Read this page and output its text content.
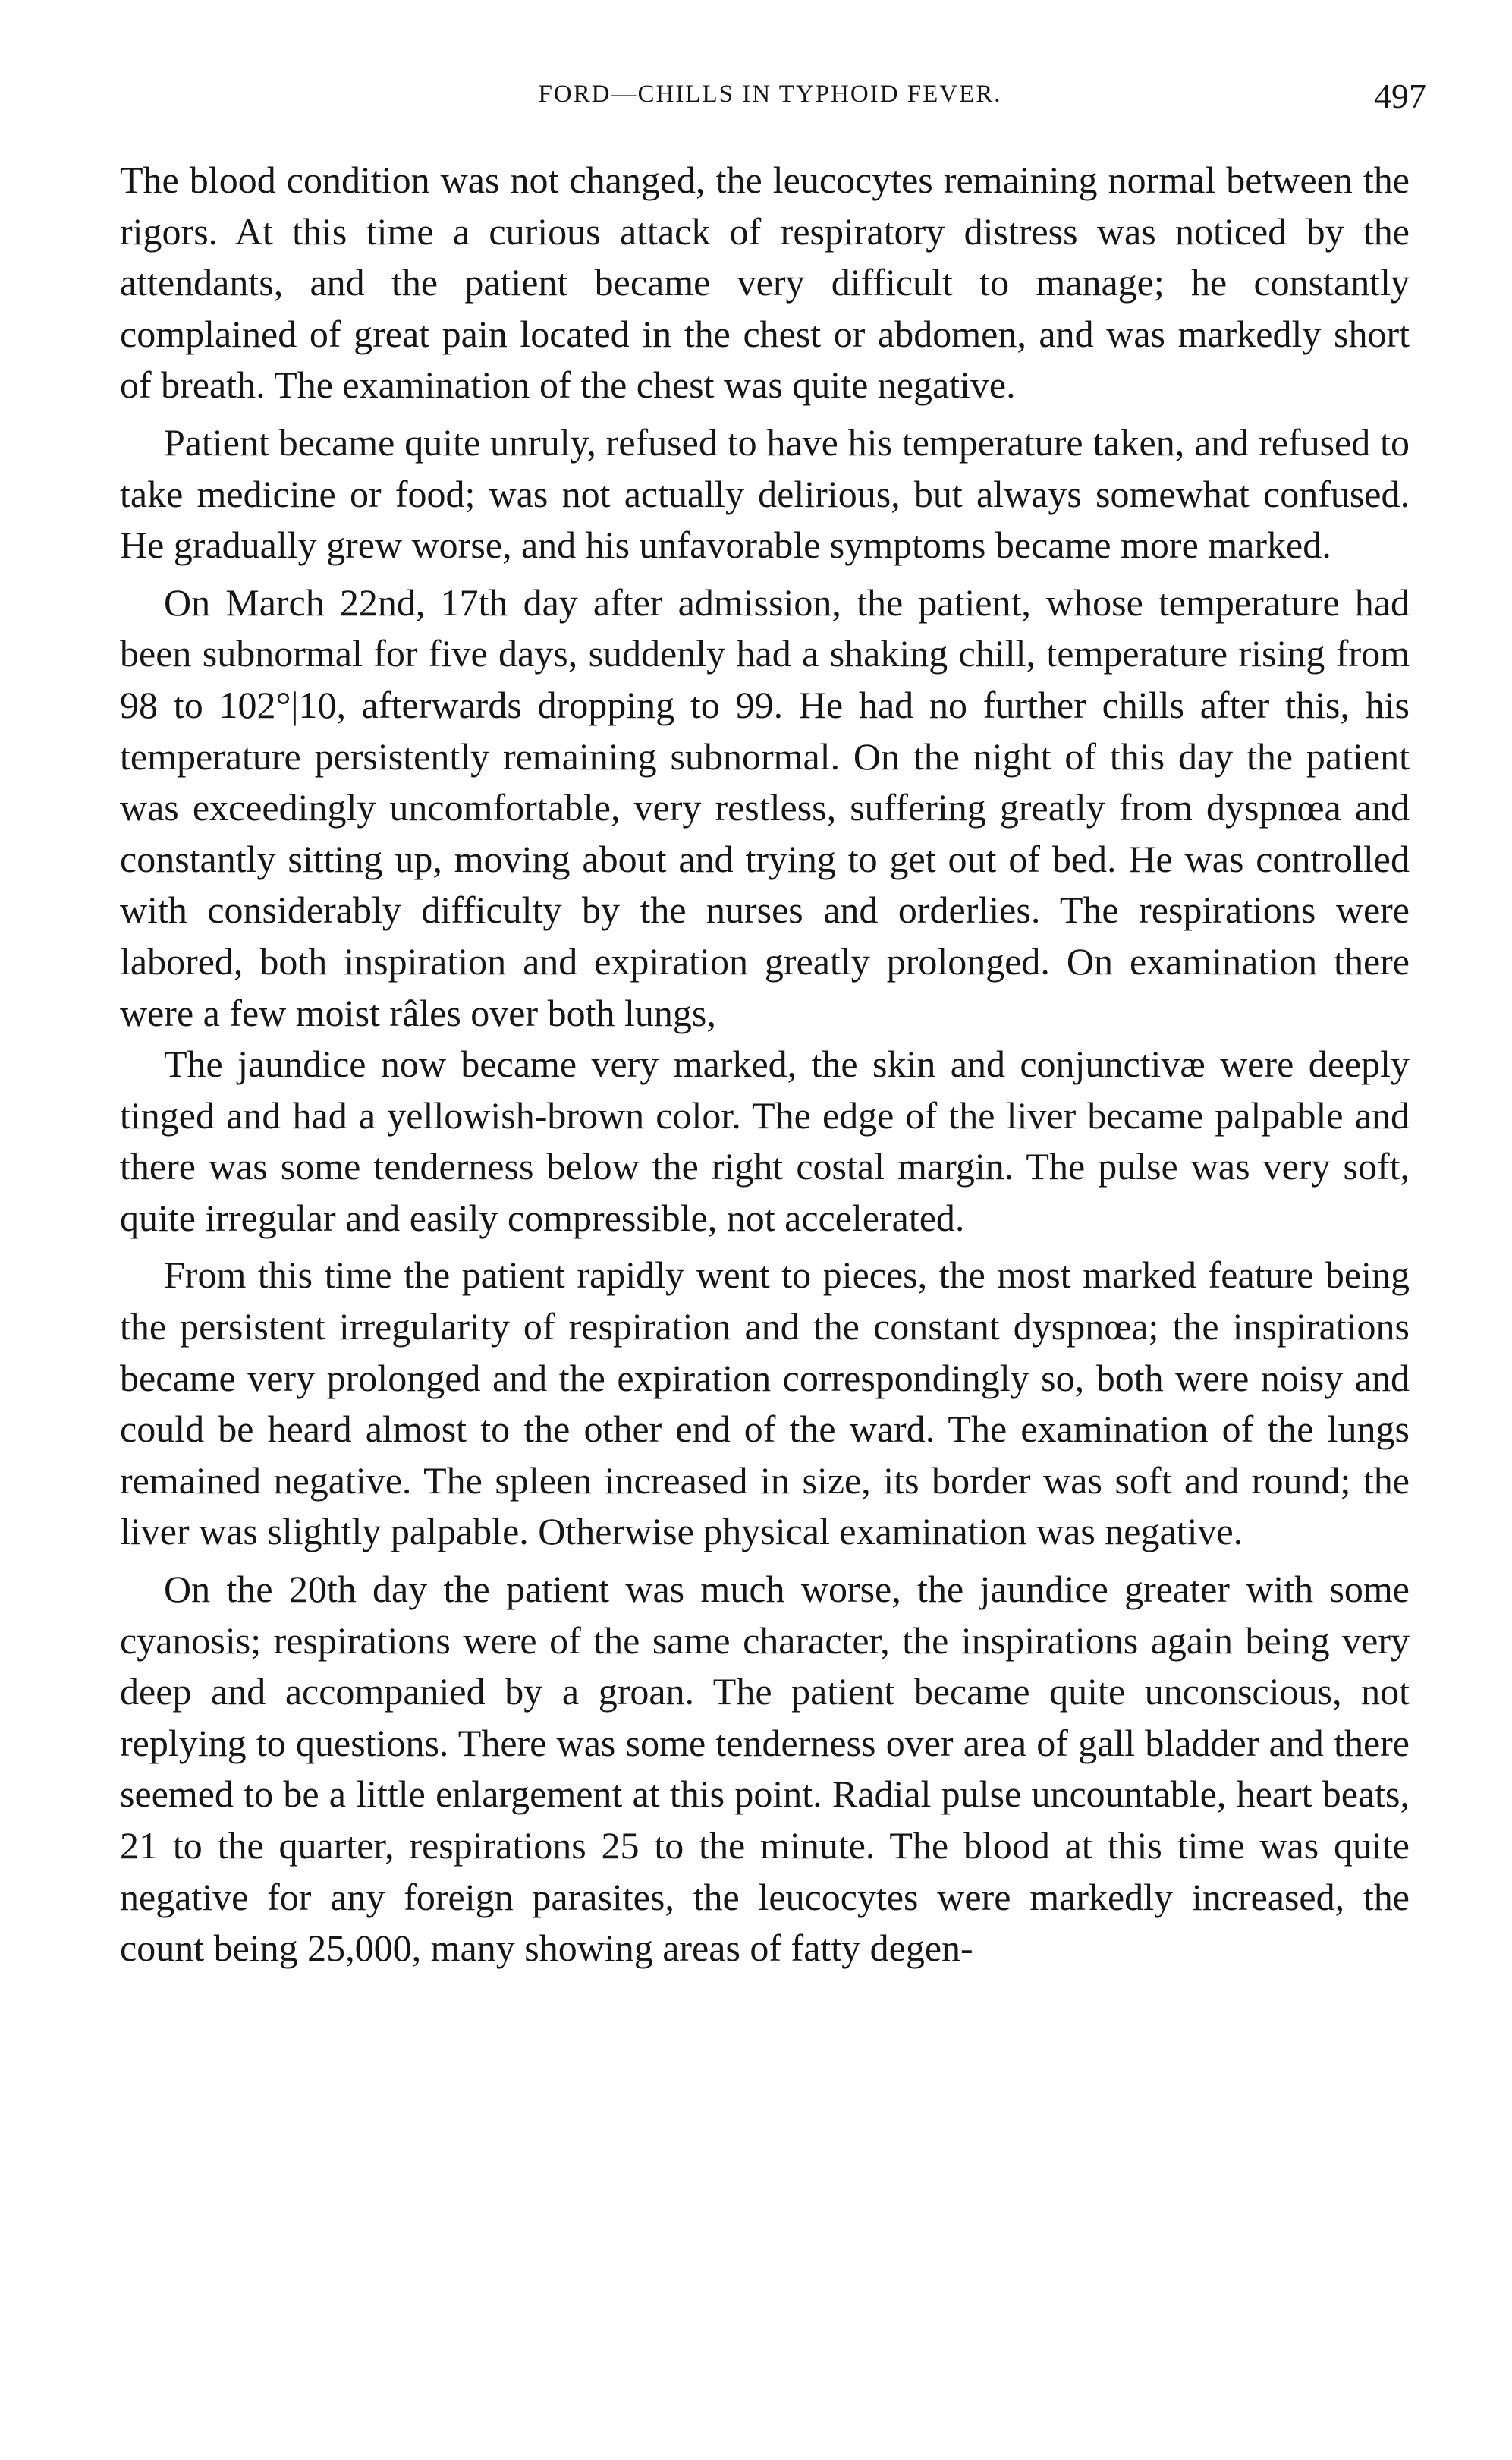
FORD—CHILLS IN TYPHOID FEVER.	497

The blood condition was not changed, the leucocytes remaining normal between the rigors. At this time a curious attack of respiratory distress was noticed by the attendants, and the patient became very difficult to manage; he constantly complained of great pain located in the chest or abdomen, and was markedly short of breath. The examination of the chest was quite negative.

Patient became quite unruly, refused to have his temperature taken, and refused to take medicine or food; was not actually delirious, but always somewhat confused. He gradually grew worse, and his unfavorable symptoms became more marked.

On March 22nd, 17th day after admission, the patient, whose temperature had been subnormal for five days, suddenly had a shaking chill, temperature rising from 98 to 102°|10, afterwards dropping to 99. He had no further chills after this, his temperature persistently remaining subnormal. On the night of this day the patient was exceedingly uncomfortable, very restless, suffering greatly from dyspnœa and constantly sitting up, moving about and trying to get out of bed. He was controlled with considerably difficulty by the nurses and orderlies. The respirations were labored, both inspiration and expiration greatly prolonged. On examination there were a few moist râles over both lungs,

The jaundice now became very marked, the skin and conjunctivæ were deeply tinged and had a yellowish-brown color. The edge of the liver became palpable and there was some tenderness below the right costal margin. The pulse was very soft, quite irregular and easily compressible, not accelerated.

From this time the patient rapidly went to pieces, the most marked feature being the persistent irregularity of respiration and the constant dyspnœa; the inspirations became very prolonged and the expiration correspondingly so, both were noisy and could be heard almost to the other end of the ward. The examination of the lungs remained negative. The spleen increased in size, its border was soft and round; the liver was slightly palpable. Otherwise physical examination was negative.

On the 20th day the patient was much worse, the jaundice greater with some cyanosis; respirations were of the same character, the inspirations again being very deep and accompanied by a groan. The patient became quite unconscious, not replying to questions. There was some tenderness over area of gall bladder and there seemed to be a little enlargement at this point. Radial pulse uncountable, heart beats, 21 to the quarter, respirations 25 to the minute. The blood at this time was quite negative for any foreign parasites, the leucocytes were markedly increased, the count being 25,000, many showing areas of fatty degen-
